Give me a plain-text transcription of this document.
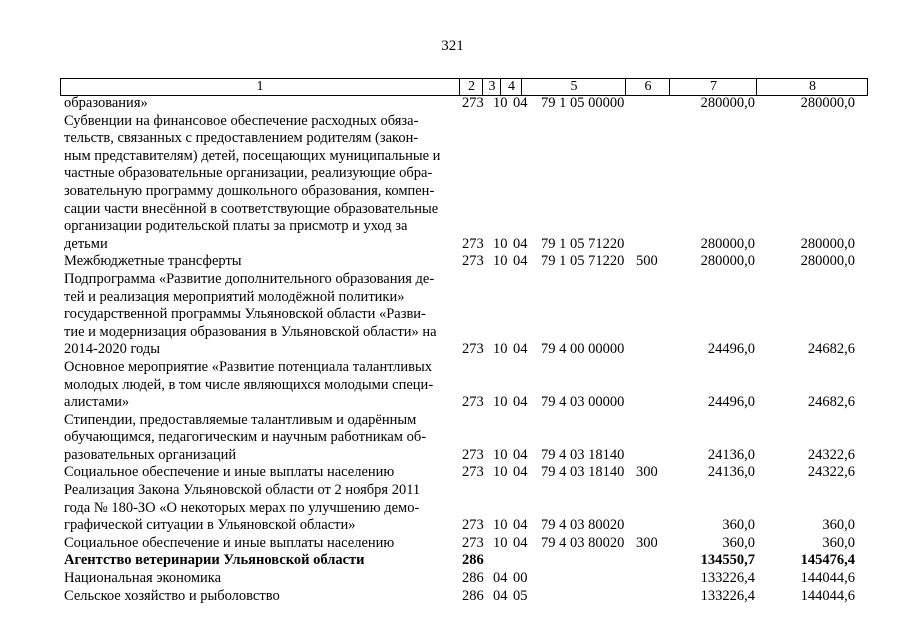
321
1	2 3 4	5	6	7	8
образования»	273 10 04 79 1 05 00000	280000,0	280000,0
Субвенции на финансовое обеспечение расходных обяза-
тельств, связанных с предоставлением родителям (закон-
ным представителям) детей, посещающих муниципальные и
частные образовательные организации, реализующие обра-
зовательную программу дошкольного образования, компен-
сации части внесённой в соответствующие образовательные
организации родительской платы за присмотр и уход за
детьми	273 10 04 79 1 05 71220	280000,0	280000,0
Межбюджетные трансферты	273 10 04 79 1 05 71220 500	280000,0	280000,0
Подпрограмма «Развитие дополнительного образования де-
тей и реализация мероприятий молодёжной политики»
государственной программы Ульяновской области «Разви-
тие и модернизация образования в Ульяновской области» на
2014-2020 годы	273 10 04 79 4 00 00000	24496,0	24682,6
Основное мероприятие «Развитие потенциала талантливых
молодых людей, в том числе являющихся молодыми специ-
алистами»	273 10 04 79 4 03 00000	24496,0	24682,6
Стипендии, предоставляемые талантливым и одарённым
обучающимся, педагогическим и научным работникам об-
разовательных организаций	273 10 04 79 4 03 18140	24136,0	24322,6
Социальное обеспечение и иные выплаты населению	273 10 04 79 4 03 18140 300	24136,0	24322,6
Реализация Закона Ульяновской области от 2 ноября 2011
года № 180-ЗО «О некоторых мерах по улучшению демо-
графической ситуации в Ульяновской области»	273 10 04 79 4 03 80020	360,0	360,0
Социальное обеспечение и иные выплаты населению	273 10 04 79 4 03 80020 300	360,0	360,0
Агентство ветеринарии Ульяновской области	286	134550,7	145476,4
Национальная экономика	286 04 00	133226,4	144044,6
Сельское хозяйство и рыболовство	286 04 05	133226,4	144044,6
